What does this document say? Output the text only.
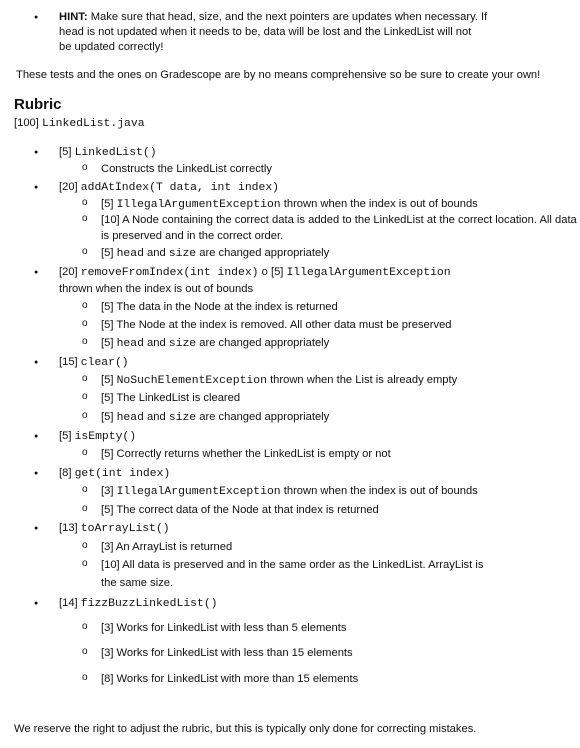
● HINT: Make sure that head, size, and the next pointers are updates when necessary. If
head is not updated when it needs to be, data will be lost and the LinkedList will not
be updated correctly!
These tests and the ones on Gradescope are by no means comprehensive so be sure to create your own!
Rubric
[100] LinkedList.java
● [5] LinkedList()
o Constructs the LinkedList correctly
● [20] addAtIndex(T data, int index)
o [5] IllegalArgumentException thrown when the index is out of bounds
o [10] A Node containing the correct data is added to the LinkedList at the correct location. All data
is preserved and in the correct order.
o [5] head and size are changed appropriately
● [20] removeFromIndex(int index) o [5] IllegalArgumentException
thrown when the index is out of bounds
o [5] The data in the Node at the index is returned
o [5] The Node at the index is removed. All other data must be preserved
o [5] head and size are changed appropriately
● [15] clear()
o [5] NoSuchElementException thrown when the List is already empty
o [5] The LinkedList is cleared
o [5] head and size are changed appropriately
● [5] isEmpty()
o [5] Correctly returns whether the LinkedList is empty or not
● [8] get(int index)
o [3] IllegalArgumentException thrown when the index is out of bounds
o [5] The correct data of the Node at that index is returned
● [13] toArrayList()
o [3] An ArrayList is returned
o [10] All data is preserved and in the same order as the LinkedList. ArrayList is
the same size.
● [14] fizzBuzzLinkedList()
o [3] Works for LinkedList with less than 5 elements
o [3] Works for LinkedList with less than 15 elements
o [8] Works for LinkedList with more than 15 elements
We reserve the right to adjust the rubric, but this is typically only done for correcting mistakes.
